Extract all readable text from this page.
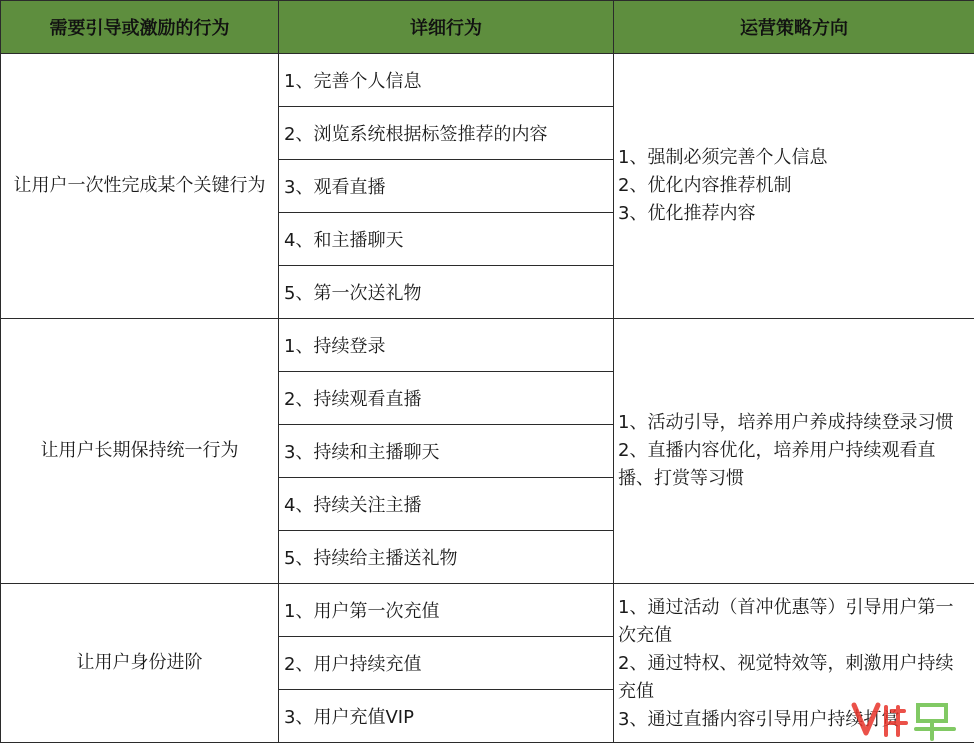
需要引导或激励的行为	详细行为	运营策略方向
让用户一次性完成某个关键行为	1、完善个人信息	1、强制必须完善个人信息
2、优化内容推荐机制
3、优化推荐内容

	2、浏览系统根据标签推荐的内容	
	3、观看直播	
	4、和主播聊天	
	5、第一次送礼物	
让用户长期保持统一行为	1、持续登录	1、活动引导，培养用户养成持续登录习惯
2、直播内容优化，培养用户持续观看直播、打赏等习惯

	2、持续观看直播	
	3、持续和主播聊天	
	4、持续关注主播	
	5、持续给主播送礼物	
让用户身份进阶	1、用户第一次充值	1、通过活动（首冲优惠等）引导用户第一次充值
2、通过特权、视觉特效等，刺激用户持续充值
3、通过直播内容引导用户持续打赏

	2、用户持续充值	
	3、用户充值VIP	
